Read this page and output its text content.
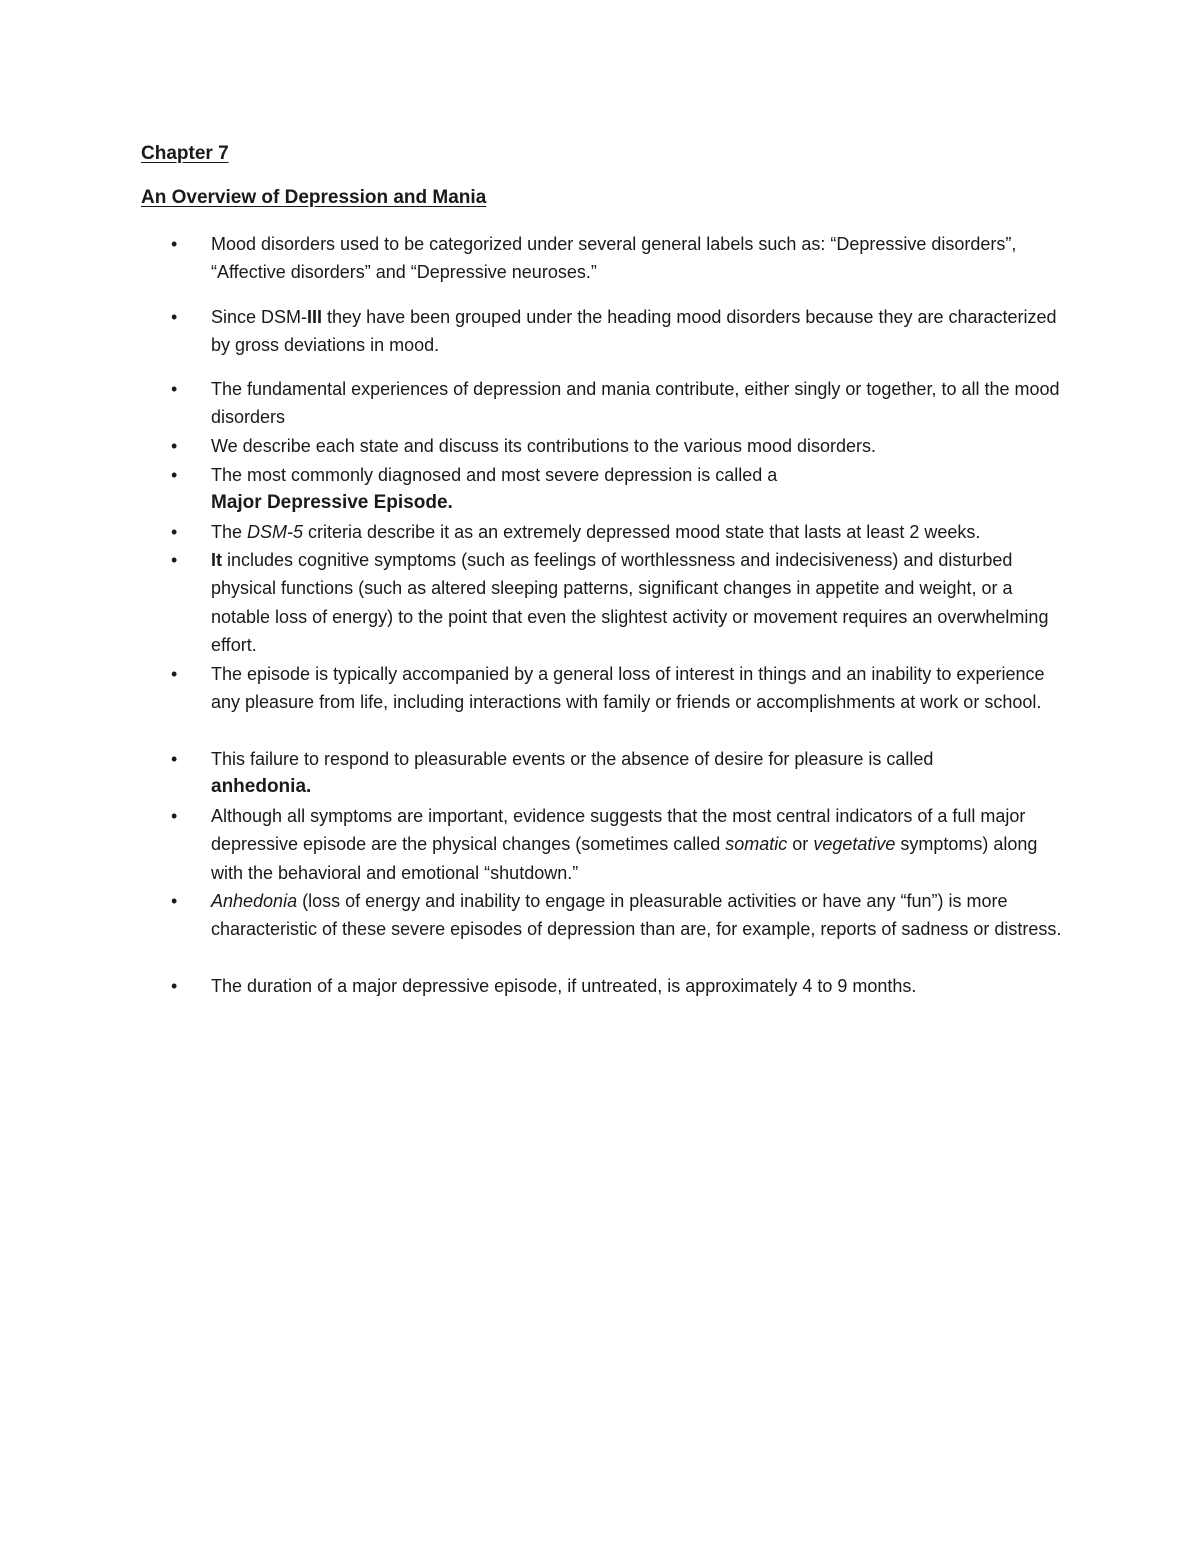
Chapter 7
An Overview of Depression and Mania
•	Mood disorders used to be categorized under several general labels such as: “Depressive disorders”, “Affective disorders” and “Depressive neuroses.”
•	Since DSM-III they have been grouped under the heading mood disorders because they are characterized by gross deviations in mood.
•	The fundamental experiences of depression and mania contribute, either singly or together, to all the mood disorders
•	We describe each state and discuss its contributions to the various mood disorders.
•	The most commonly diagnosed and most severe depression is called a
Major Depressive Episode.
•	The DSM-5 criteria describe it as an extremely depressed mood state that lasts at least 2 weeks.
•	It includes cognitive symptoms (such as feelings of worthlessness and indecisiveness) and disturbed physical functions (such as altered sleeping patterns, significant changes in appetite and weight, or a notable loss of energy) to the point that even the slightest activity or movement requires an overwhelming effort.
•	The episode is typically accompanied by a general loss of interest in things and an inability to experience any pleasure from life, including interactions with family or friends or accomplishments at work or school.
•	This failure to respond to pleasurable events or the absence of desire for pleasure is called
anhedonia.
•	Although all symptoms are important, evidence suggests that the most central indicators of a full major depressive episode are the physical changes (sometimes called somatic or vegetative symptoms) along with the behavioral and emotional “shutdown.”
•	Anhedonia (loss of energy and inability to engage in pleasurable activities or have any “fun”) is more characteristic of these severe episodes of depression than are, for example, reports of sadness or distress.
•	The duration of a major depressive episode, if untreated, is approximately 4 to 9 months.
